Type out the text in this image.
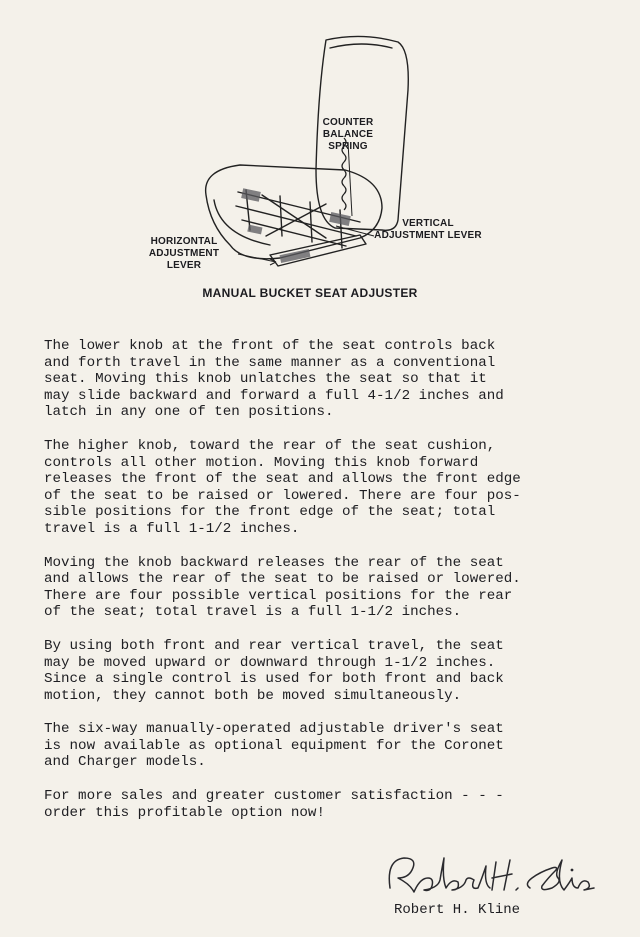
COUNTER BALANCE
SPRING
VERTICAL
ADJUSTMENT LEVER
HORIZONTAL
ADJUSTMENT LEVER
MANUAL BUCKET SEAT ADJUSTER

The lower knob at the front of the seat controls back
and forth travel in the same manner as a conventional
seat. Moving this knob unlatches the seat so that it
may slide backward and forward a full 4-1/2 inches and
latch in any one of ten positions.

The higher knob, toward the rear of the seat cushion,
controls all other motion. Moving this knob forward
releases the front of the seat and allows the front edge
of the seat to be raised or lowered. There are four pos-
sible positions for the front edge of the seat; total
travel is a full 1-1/2 inches.

Moving the knob backward releases the rear of the seat
and allows the rear of the seat to be raised or lowered.
There are four possible vertical positions for the rear
of the seat; total travel is a full 1-1/2 inches.

By using both front and rear vertical travel, the seat
may be moved upward or downward through 1-1/2 inches.
Since a single control is used for both front and back
motion, they cannot both be moved simultaneously.

The six-way manually-operated adjustable driver's seat
is now available as optional equipment for the Coronet
and Charger models.

For more sales and greater customer satisfaction - - -
order this profitable option now!

Robert H. Kline
